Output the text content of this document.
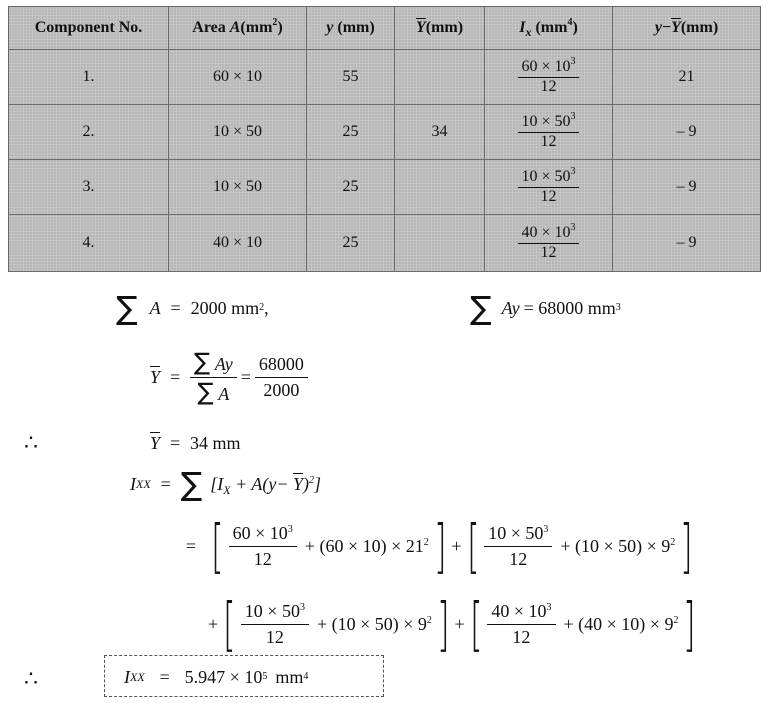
Component No.	Area $A(mm^2)$	y (mm)	$\overline{Y}(mm)$	$I_x$ $(mm^4)$	$y-\overline{Y}(mm)$
1.	60 × 10	55		$\frac{60 \times 10^3}{12}$	21
2.	10 × 50	25	34	$\frac{10 \times 50^3}{12}$	– 9
3.	10 × 50	25		$\frac{10 \times 50^3}{12}$	– 9
4.	40 × 10	25		$\frac{40 \times 10^3}{12}$	– 9
∑ A = 2000 mm 2 ,	∑ Ay = 68000 mm 3
$\overline{Y} = \frac{\sum Ay}{\sum A} = \frac{68000}{2000}$
∴	$\overline{Y} = 34$ mm
I XX = ∑ $[I_X + A(y- \overline{Y})^2]$
= [ $\frac{60 \times 10^3}{12} + (60 \times 10) \times 21^2$ ] + [ $\frac{10 \times 50^3}{12} + (10 \times 50) \times 9^2$ ]
+ [ $\frac{10 \times 50^3}{12} + (10 \times 50) \times 9^2$ ] + [ $\frac{40 \times 10^3}{12} + (40 \times 10) \times 9^2$ ]
∴	I XX = 5.947 × 10 5 mm 4
